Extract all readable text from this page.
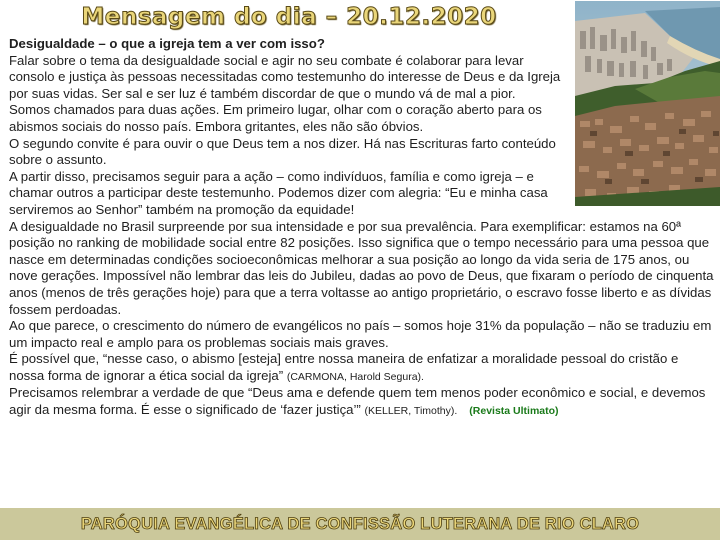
Mensagem do dia – 20.12.2020

Desigualdade – o que a igreja tem a ver com isso?

Falar sobre o tema da desigualdade social e agir no seu combate é colaborar para levar consolo e justiça às pessoas necessitadas como testemunho do interesse de Deus e da Igreja por suas vidas. Ser sal e ser luz é também discordar de que o mundo vá de mal a pior.

Somos chamados para duas ações. Em primeiro lugar, olhar com o coração aberto para os abismos sociais do nosso país. Embora gritantes, eles não são óbvios.

O segundo convite é para ouvir o que Deus tem a nos dizer. Há nas Escrituras farto conteúdo sobre o assunto.

A partir disso, precisamos seguir para a ação – como indivíduos, família e como igreja – e chamar outros a participar deste testemunho. Podemos dizer com alegria: “Eu e minha casa serviremos ao Senhor” também na promoção da equidade!

A desigualdade no Brasil surpreende por sua intensidade e por sua prevalência. Para exemplificar: estamos na 60ª posição no ranking de mobilidade social entre 82 posições. Isso significa que o tempo necessário para uma pessoa que nasce em determinadas condições socioeconômicas melhorar a sua posição ao longo da vida seria de 175 anos, ou nove gerações. Impossível não lembrar das leis do Jubileu, dadas ao povo de Deus, que fixaram o período de cinquenta anos (menos de três gerações hoje) para que a terra voltasse ao antigo proprietário, o escravo fosse liberto e as dívidas fossem perdoadas.

Ao que parece, o crescimento do número de evangélicos no país – somos hoje 31% da população – não se traduziu em um impacto real e amplo para os problemas sociais mais graves.

É possível que, “nesse caso, o abismo [esteja] entre nossa maneira de enfatizar a moralidade pessoal do cristão e nossa forma de ignorar a ética social da igreja” (CARMONA, Harold Segura).

Precisamos relembrar a verdade de que “Deus ama e defende quem tem menos poder econômico e social, e devemos agir da mesma forma. É esse o significado de ‘fazer justiça’” (KELLER, Timothy). (Revista Ultimato)

PARÓQUIA EVANGÉLICA DE CONFISSÃO LUTERANA DE RIO CLARO
